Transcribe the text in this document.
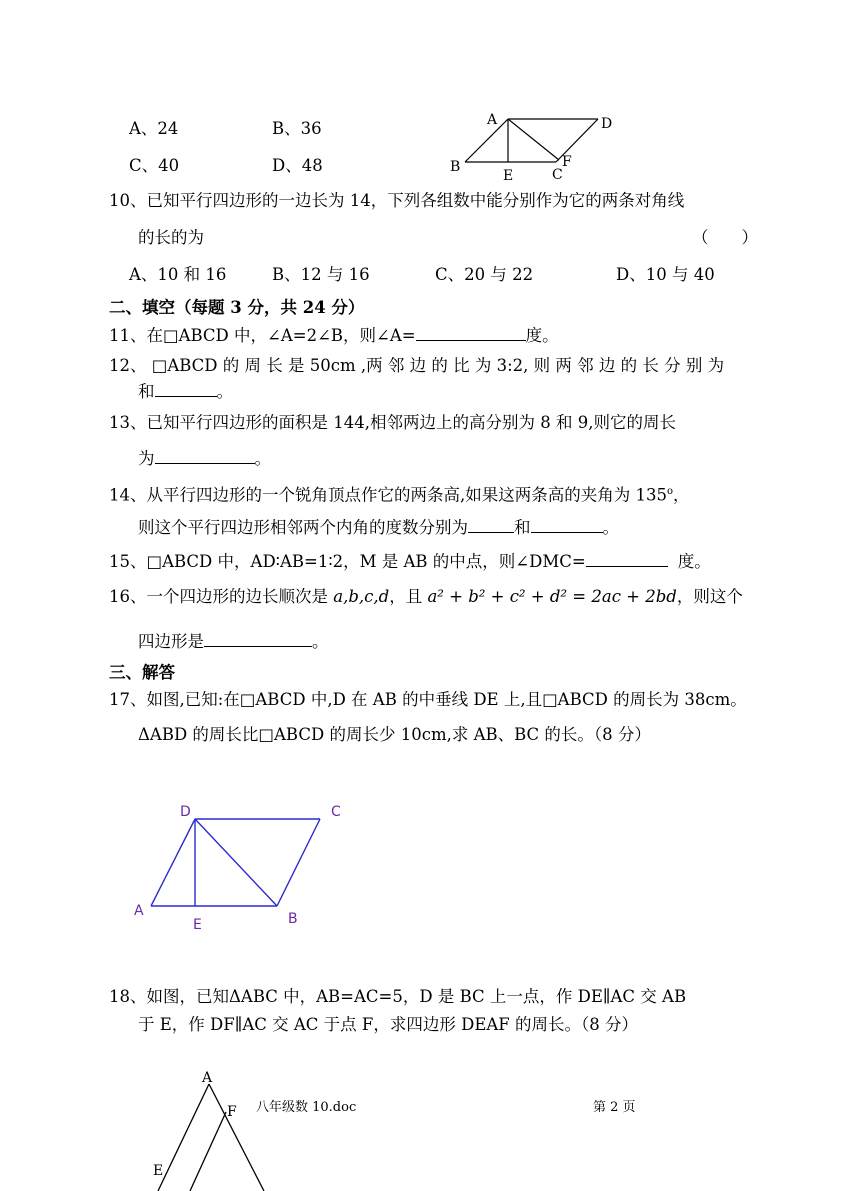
A、24	B、36
C、40	D、48
A	D
B
E	C
F
10、已知平行四边形的一边长为 14，下列各组数中能分别作为它的两条对角线
的长的为	（　　）
A、10 和 16	B、12 与 16	C、20 与 22	D、10 与 40
二、填空（每题 3 分，共 24 分）
11、在□ABCD 中，∠A=2∠B，则∠A=	度。
12、 □ABCD 的 周 长 是 50cm ,两 邻 边 的 比 为 3:2, 则 两 邻 边 的 长 分 别 为
和	。
13、已知平行四边形的面积是 144,相邻两边上的高分别为 8 和 9,则它的周长
为	。
14、从平行四边形的一个锐角顶点作它的两条高,如果这两条高的夹角为 135$^o$，
则这个平行四边形相邻两个内角的度数分别为	和	。
15、□ABCD 中，AD∶AB=1∶2，M 是 AB 的中点，则∠DMC=	度。
16、一个四边形的边长顺次是 a,b,c,d，且 a² + b² + c² + d² = 2ac + 2bd，则这个
四边形是	。
三、解答
17、如图,已知:在□ABCD 中,D 在 AB 的中垂线 DE 上,且□ABCD 的周长为 38cm。
ΔABD 的周长比□ABCD 的周长少 10cm,求 AB、BC 的长。（8 分）
D	C
A
E	B
18、如图，已知ΔABC 中，AB=AC=5，D 是 BC 上一点，作 DE∥AC 交 AB
于 E，作 DF∥AC 交 AC 于点 F，求四边形 DEAF 的周长。（8 分）
A
F
E
八年级数 10.doc	第 2 页
